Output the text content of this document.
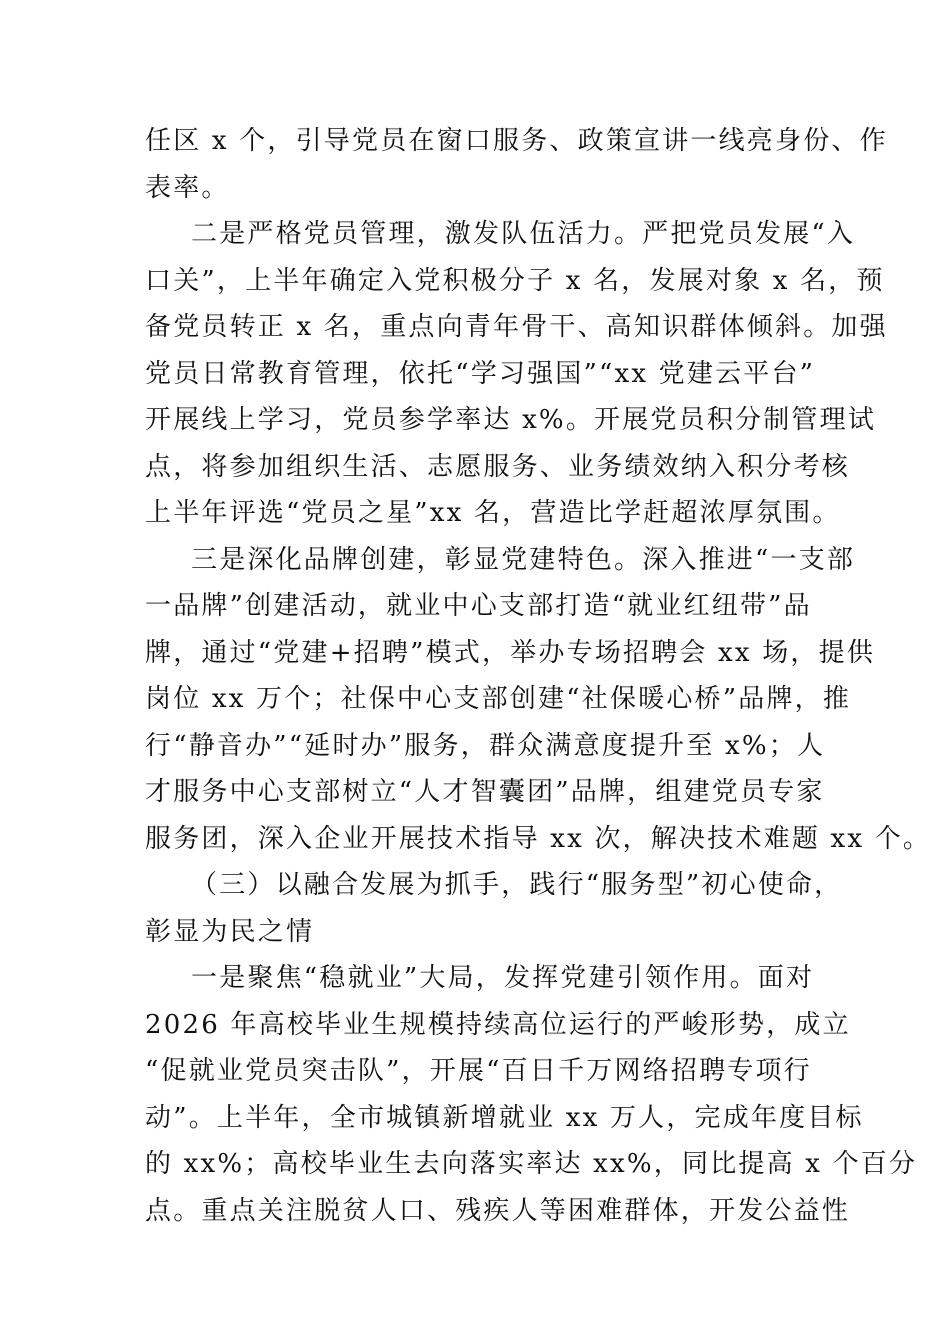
任区 x 个，引导党员在窗口服务、政策宣讲一线亮身份、作
表率。
二是严格党员管理，激发队伍活力。严把党员发展“入
口关”，上半年确定入党积极分子 x 名，发展对象 x 名，预
备党员转正 x 名，重点向青年骨干、高知识群体倾斜。加强
党员日常教育管理，依托“学习强国”“xx 党建云平台”
开展线上学习，党员参学率达 x%。开展党员积分制管理试
点，将参加组织生活、志愿服务、业务绩效纳入积分考核
上半年评选“党员之星”xx 名，营造比学赶超浓厚氛围。
三是深化品牌创建，彰显党建特色。深入推进“一支部
一品牌”创建活动，就业中心支部打造“就业红纽带”品
牌，通过“党建+招聘”模式，举办专场招聘会 xx 场，提供
岗位 xx 万个；社保中心支部创建“社保暖心桥”品牌，推
行“静音办”“延时办”服务，群众满意度提升至 x%；人
才服务中心支部树立“人才智囊团”品牌，组建党员专家
服务团，深入企业开展技术指导 xx 次，解决技术难题 xx 个。
（三）以融合发展为抓手，践行“服务型”初心使命，
彰显为民之情
一是聚焦“稳就业”大局，发挥党建引领作用。面对
2026 年高校毕业生规模持续高位运行的严峻形势，成立
“促就业党员突击队”，开展“百日千万网络招聘专项行
动”。上半年，全市城镇新增就业 xx 万人，完成年度目标
的 xx%；高校毕业生去向落实率达 xx%，同比提高 x 个百分
点。重点关注脱贫人口、残疾人等困难群体，开发公益性
